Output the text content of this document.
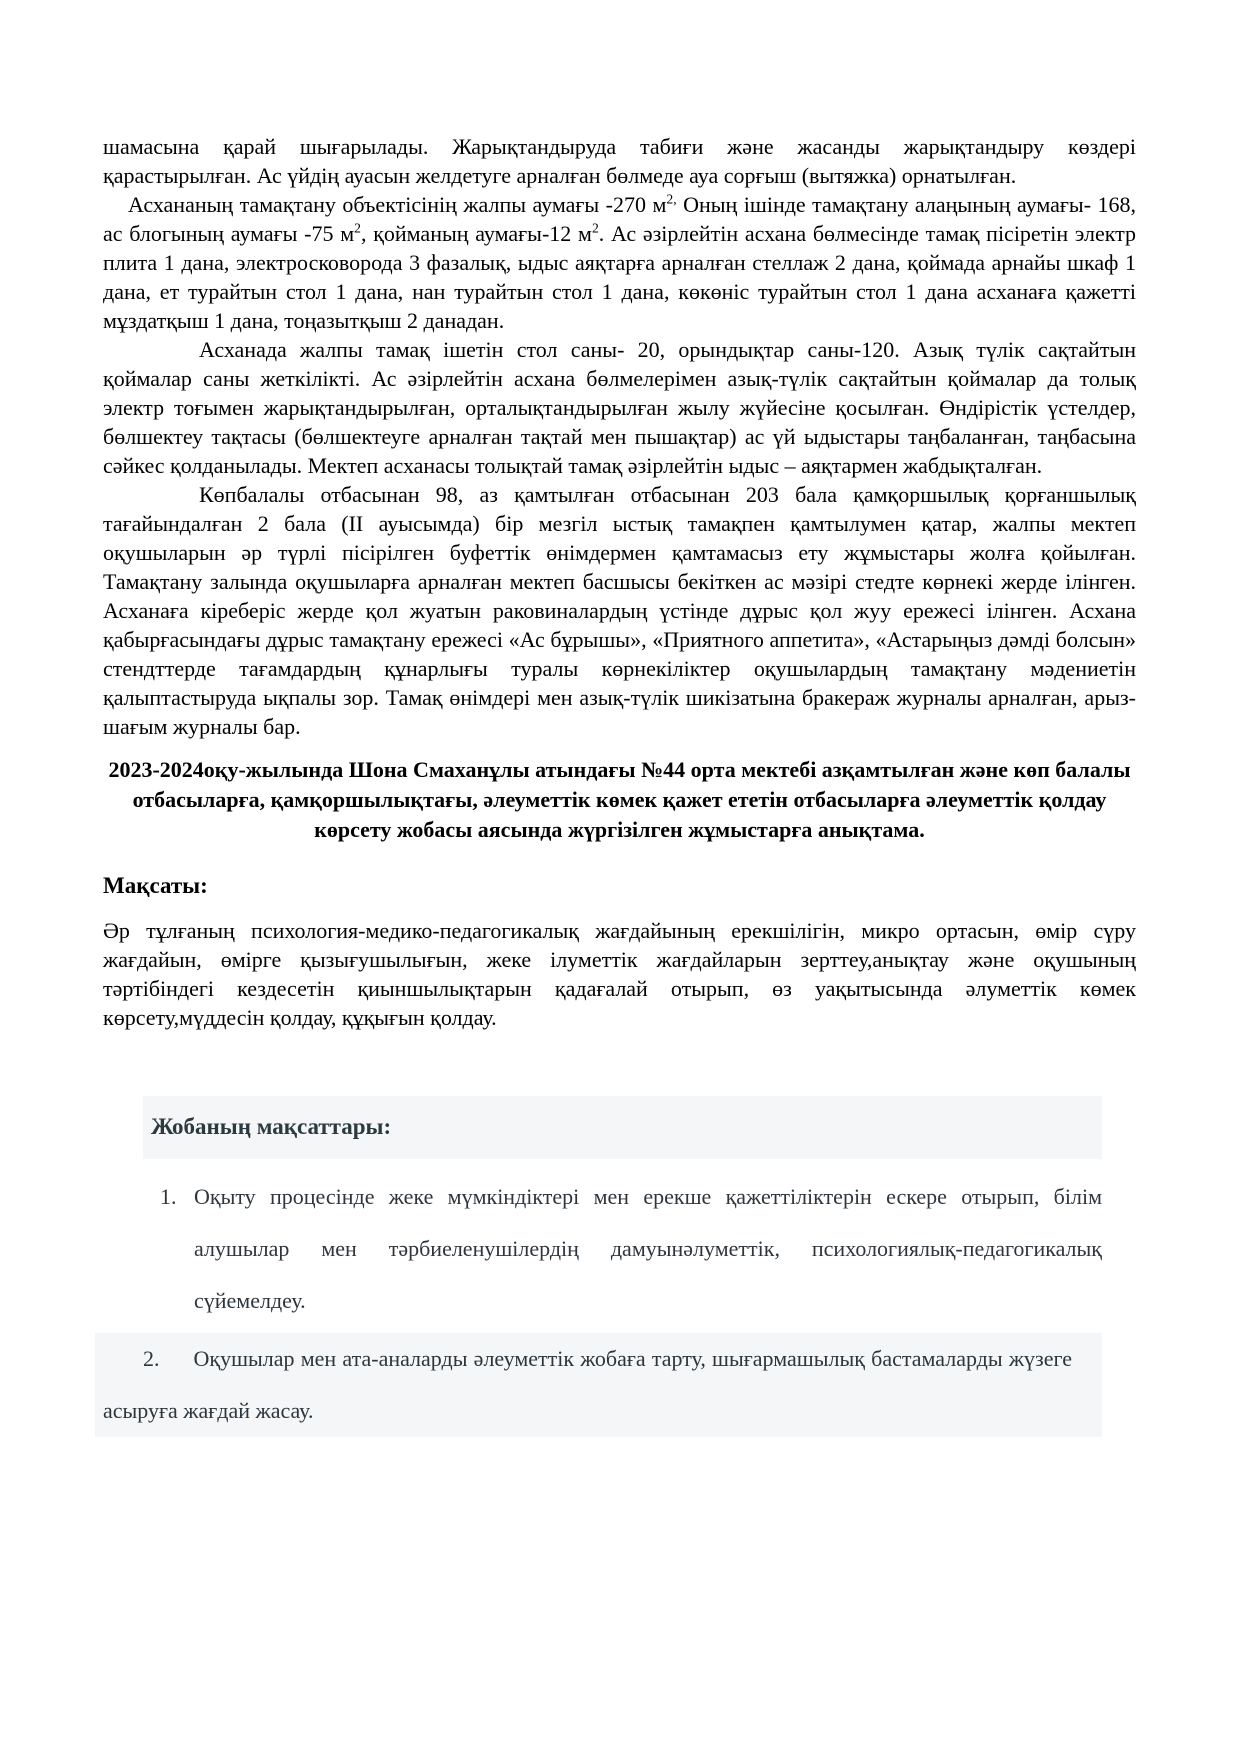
шамасына қарай шығарылады. Жарықтандыруда табиғи және жасанды жарықтандыру көздері қарастырылған. Ас үйдің ауасын желдетуге арналған бөлмеде ауа сорғыш (вытяжка) орнатылған.

Асхананың тамақтану объектісінің жалпы аумағы -270 $м^{2,}$ Оның ішінде тамақтану алаңының аумағы- 168, ас блогының аумағы -75 $м^2$, қойманың аумағы-12 $м^2$. Ас әзірлейтін асхана бөлмесінде тамақ пісіретін электр плита 1 дана, электросковорода 3 фазалық, ыдыс аяқтарға арналған стеллаж 2 дана, қоймада арнайы шкаф 1 дана, ет турайтын стол 1 дана, нан турайтын стол 1 дана, көкөніс турайтын стол 1 дана асханаға қажетті мұздатқыш 1 дана, тоңазытқыш 2 данадан.

Асханада жалпы тамақ ішетін стол саны- 20, орындықтар саны-120. Азық түлік сақтайтын қоймалар саны жеткілікті. Ас әзірлейтін асхана бөлмелерімен азық-түлік сақтайтын қоймалар да толық электр тоғымен жарықтандырылған, орталықтандырылған жылу жүйесіне қосылған. Өндірістік үстелдер, бөлшектеу тақтасы (бөлшектеуге арналған тақтай мен пышақтар) ас үй ыдыстары таңбаланған, таңбасына сәйкес қолданылады. Мектеп асханасы толықтай тамақ әзірлейтін ыдыс – аяқтармен жабдықталған.

Көпбалалы отбасынан 98, аз қамтылған отбасынан 203 бала қамқоршылық қорғаншылық тағайындалған 2 бала (ІІ ауысымда) бір мезгіл ыстық тамақпен қамтылумен қатар, жалпы мектеп оқушыларын әр түрлі пісірілген буфеттік өнімдермен қамтамасыз ету жұмыстары жолға қойылған. Тамақтану залында оқушыларға арналған мектеп басшысы бекіткен ас мәзірі стедте көрнекі жерде ілінген. Асханаға кіреберіс жерде қол жуатын раковиналардың үстінде дұрыс қол жуу ережесі ілінген. Асхана қабырғасындағы дұрыс тамақтану ережесі «Ас бұрышы», «Приятного аппетита», «Астарыңыз дәмді болсын» стендттерде тағамдардың құнарлығы туралы көрнекіліктер оқушылардың тамақтану мәдениетін қалыптастыруда ықпалы зор. Тамақ өнімдері мен азық-түлік шикізатына бракераж журналы арналған, арыз-шағым журналы бар.

2023-2024оқу-жылында Шона Смаханұлы атындағы №44 орта мектебі азқамтылған және көп балалы отбасыларға, қамқоршылықтағы, әлеуметтік көмек қажет ететін отбасыларға әлеуметтік қолдау көрсету жобасы аясында жүргізілген жұмыстарға анықтама.

Мақсаты:

Әр тұлғаның психология-медико-педагогикалық жағдайының ерекшілігін, микро ортасын, өмір сүру жағдайын, өмірге қызығушылығын, жеке ілуметтік жағдайларын зерттеу,анықтау және оқушының тәртібіндегі кездесетін қиыншылықтарын қадағалай отырып, өз уақытысында әлуметтік көмек көрсету,мүддесін қолдау, құқығын қолдау.

Жобаның мақсаттары:
1. Оқыту процесінде жеке мүмкіндіктері мен ерекше қажеттіліктерін ескере отырып, білім алушылар мен тәрбиеленушілердің дамуынәлуметтік, психологиялық-педагогикалық сүйемелдеу.
2. Оқушылар мен ата-аналарды әлеуметтік жобаға тарту, шығармашылық бастамаларды жүзеге асыруға жағдай жасау.
